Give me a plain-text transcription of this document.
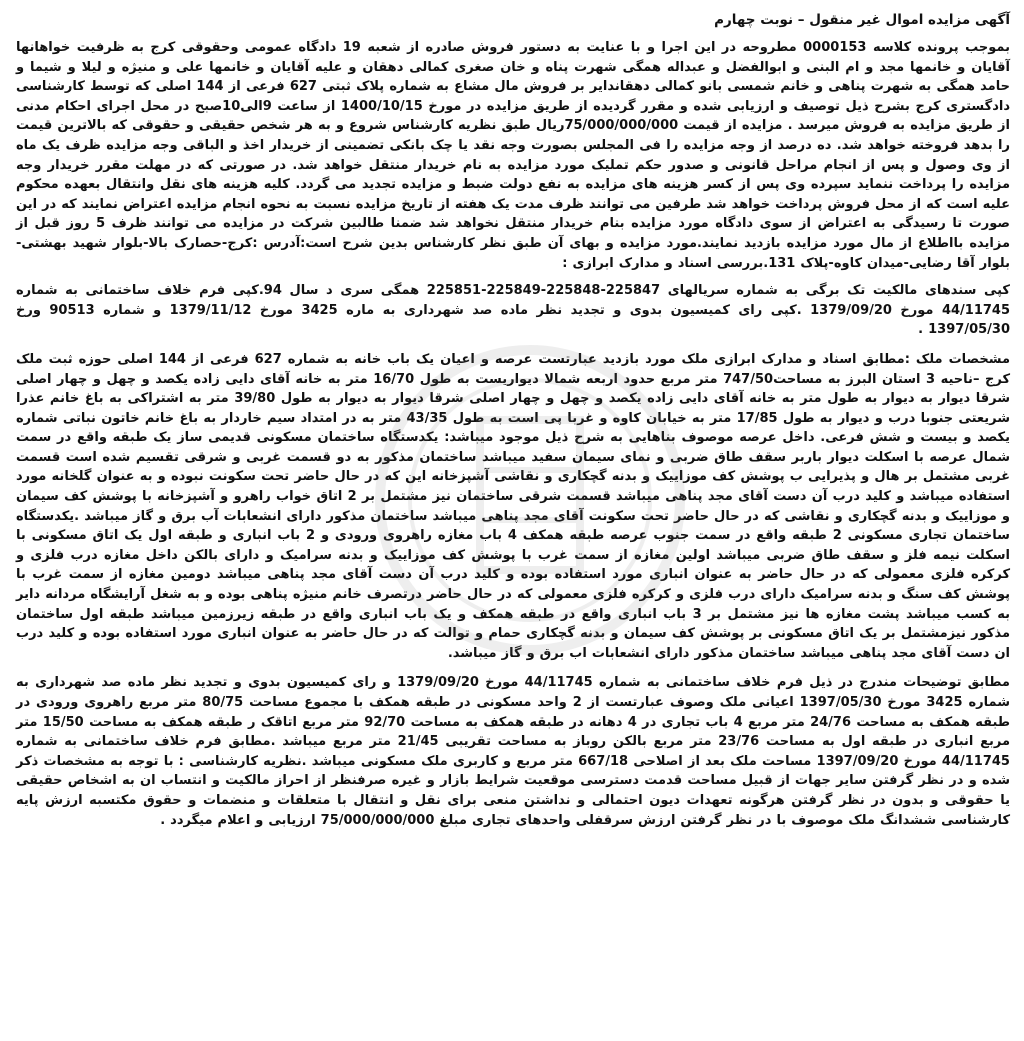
آگهی مزایده اموال غیر منقول – نوبت چهارم

بموجب پرونده کلاسه 0000153 مطروحه در این اجرا و با عنایت به دستور فروش صادره از شعبه 19 دادگاه عمومی وحقوقی کرج به ظرفیت خواهانها آقایان و خانمها مجد و ام البنی و ابوالفضل و عبداله همگی شهرت پناه و خان صغری کمالی دهقان و علیه آقایان و خانمها علی و منیژه و لیلا و شیما و حامد همگی به شهرت پناهی و خانم شمسی بانو کمالی دهقاندایر بر فروش مال مشاع به شماره پلاک ثبتی 627 فرعی از 144 اصلی که توسط کارشناسی دادگستری کرج بشرح ذیل توصیف و ارزیابی شده و مقرر گردیده از طریق مزایده در مورخ 1400/10/15 از ساعت 9الی10صبح در محل اجرای احکام مدنی از طریق مزایده به فروش میرسد . مزایده از قیمت 75/000/000/000ریال طبق نظریه کارشناس شروع و به هر شخص حقیقی و حقوقی که بالاترین قیمت را بدهد فروخته خواهد شد. ده درصد از وجه مزایده را فی المجلس بصورت وجه نقد یا چک بانکی تضمینی از خریدار اخذ و الباقی وجه مزایده ظرف یک ماه از وی وصول و پس از انجام مراحل قانونی و صدور حکم تملیک مورد مزایده به نام خریدار منتقل خواهد شد. در صورتی که در مهلت مقرر خریدار وجه مزایده را پرداخت ننماید سپرده وی پس از کسر هزینه های مزایده به نفع دولت ضبط و مزایده تجدید می گردد. کلیه هزینه های نقل وانتقال بعهده محکوم علیه است که از محل فروش پرداخت خواهد شد طرفین می توانند ظرف مدت یک هفته از تاریخ مزایده نسبت به نحوه انجام مزایده اعتراض نمایند که در این صورت تا رسیدگی به اعتراض از سوی دادگاه مورد مزایده بنام خریدار منتقل نخواهد شد ضمنا طالبین شرکت در مزایده می توانند ظرف 5 روز قبل از مزایده بااطلاع از مال مورد مزایده بازدید نمایند.مورد مزایده و بهای آن طبق نظر کارشناس بدین شرح است:آدرس :کرج-حصارک بالا-بلوار شهید بهشتی-بلوار آقا رضایی-میدان کاوه-پلاک 131.بررسی اسناد و مدارک ابرازی :

کپی سندهای مالکیت تک برگی به شماره سریالهای 225847-225848-225849-225851 همگی سری د سال 94.کپی فرم خلاف ساختمانی به شماره 44/11745 مورخ 1379/09/20 .کپی رای کمیسیون بدوی و تجدید نظر ماده صد شهرداری به ماره 3425 مورخ 1379/11/12 و شماره 90513 ورخ 1397/05/30 .

مشخصات ملک :مطابق اسناد و مدارک ابرازی ملک مورد بازدید عبارتست عرصه و اعیان یک باب خانه به شماره 627 فرعی از 144 اصلی حوزه ثبت ملک کرج –ناحیه 3 استان البرز به مساحت747/50 متر مربع حدود اربعه شمالا دیواریست به طول 16/70 متر به خانه آقای دایی زاده یکصد و چهل و چهار اصلی شرقا دیوار به دیوار به طول متر به خانه آقای دایی زاده یکصد و چهل و چهار اصلی شرقا دیوار به دیوار به طول 39/80 متر به اشتراکی به باغ خانم عذرا شریعتی جنوبا درب و دیوار به طول 17/85 متر به خیابان کاوه و غربا پی است به طول 43/35 متر به در امتداد سیم خاردار به باغ خانم خاتون نباتی شماره یکصد و بیست و شش فرعی. داخل عرصه موصوف بناهایی به شرح ذیل موجود میباشد: یکدستگاه ساختمان مسکونی قدیمی ساز یک طبقه واقع در سمت شمال عرصه با اسکلت دیوار باربر سقف طاق ضربی و نمای سیمان سفید میباشد ساختمان مذکور به دو قسمت غربی و شرقی تقسیم شده است قسمت غربی مشتمل بر هال و پذیرایی ب پوشش کف موزاییک و بدنه گچکاری و نقاشی آشپزخانه این که در حال حاضر تحت سکونت نبوده و به عنوان گلخانه مورد استفاده میباشد و کلید درب آن دست آقای مجد پناهی میباشد قسمت شرقی ساختمان نیز مشتمل بر 2 اتاق خواب راهرو و آشپزخانه با پوشش کف سیمان و موزاییک و بدنه گچکاری و نقاشی که در حال حاضر تحت سکونت آقای مجد پناهی میباشد ساختمان مذکور دارای انشعابات آب برق و گاز میباشد .یکدستگاه ساختمان تجاری مسکونی 2 طبقه واقع در سمت جنوب عرصه طبقه همکف 4 باب مغازه راهروی ورودی و 2 باب انباری و طبقه اول یک اتاق مسکونی با اسکلت نیمه فلز و سقف طاق ضربی میباشد اولین مغازه از سمت غرب با پوشش کف موزاییک و بدنه سرامیک و دارای بالکن داخل مغازه درب فلزی و کرکره فلزی معمولی که در حال حاضر به عنوان انباری مورد استفاده بوده و کلید درب آن دست آقای مجد پناهی میباشد دومین مغازه از سمت غرب با پوشش کف سنگ و بدنه سرامیک دارای درب فلزی و کرکره فلزی معمولی که در حال حاضر درتصرف خانم منیژه پناهی بوده و به شغل آرایشگاه مردانه دایر به کسب میباشد پشت مغازه ها نیز مشتمل بر 3 باب انباری واقع در طبقه همکف و یک باب انباری واقع در طبقه زیرزمین میباشد طبقه اول ساختمان مذکور نیزمشتمل بر یک اتاق مسکونی بر پوشش کف سیمان و بدنه گچکاری حمام و توالت که در حال حاضر به عنوان انباری مورد استفاده بوده و کلید درب ان دست آقای مجد پناهی میباشد ساختمان مذکور دارای انشعابات اب برق و گاز میباشد.

مطابق توضیحات مندرج در ذیل فرم خلاف ساختمانی به شماره 44/11745 مورخ 1379/09/20 و رای کمیسیون بدوی و تجدید نظر ماده صد شهرداری به شماره 3425 مورخ 1397/05/30 اعیانی ملک وصوف عبارتست از 2 واحد مسکونی در طبقه همکف با مجموع مساحت 80/75 متر مربع راهروی ورودی در طبقه همکف به مساحت 24/76 متر مربع 4 باب تجاری در 4 دهانه در طبقه همکف به مساحت 92/70 متر مربع اتاقک ر طبقه همکف به مساحت 15/50 متر مربع انباری در طبقه اول به مساحت 23/76 متر مربع بالکن روباز به مساحت تقریبی 21/45 متر مربع میباشد .مطابق فرم خلاف ساختمانی به شماره 44/11745 مورخ 1397/09/20 مساحت ملک بعد از اصلاحی 667/18 متر مربع و کاربری ملک مسکونی میباشد .نظریه کارشناسی : با توجه به مشخصات ذکر شده و در نظر گرفتن سایر جهات از قبیل مساحت قدمت دسترسی موقعیت شرایط بازار و غیره صرفنظر از احراز مالکیت و انتساب ان به اشخاص حقیقی یا حقوقی و بدون در نظر گرفتن هرگونه تعهدات دیون احتمالی و نداشتن منعی برای نقل و انتقال با متعلقات و منضمات و حقوق مکتسبه ارزش پایه کارشناسی ششدانگ ملک موصوف با در نظر گرفتن ارزش سرقفلی واحدهای تجاری مبلغ 75/000/000/000 ارزیابی و اعلام میگردد .
